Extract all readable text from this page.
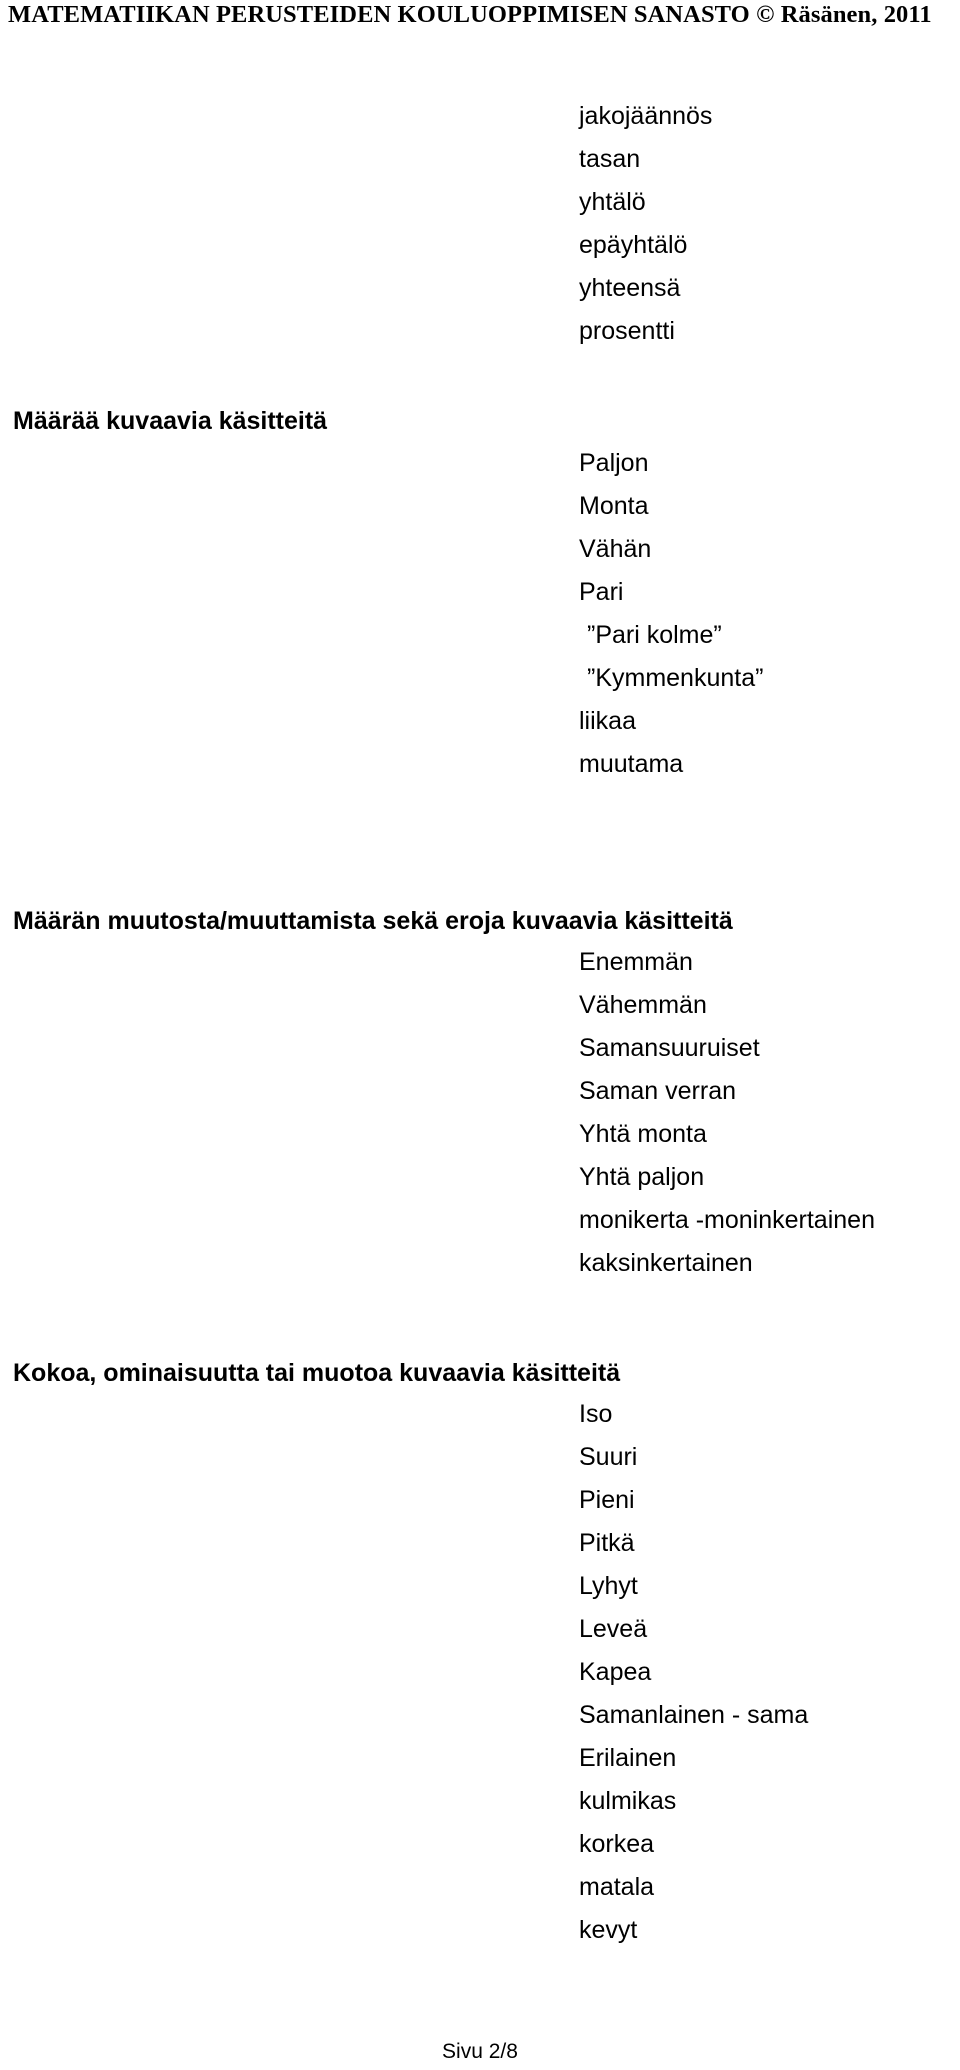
MATEMATIIKAN PERUSTEIDEN KOULUOPPIMISEN SANASTO © Räsänen, 2011
jakojäännös
tasan
yhtälö
epäyhtälö
yhteensä
prosentti
Määrää kuvaavia käsitteitä
Paljon
Monta
Vähän
Pari
”Pari kolme”
”Kymmenkunta”
liikaa
muutama
Määrän muutosta/muuttamista sekä eroja kuvaavia käsitteitä
Enemmän
Vähemmän
Samansuuruiset
Saman verran
Yhtä monta
Yhtä paljon
monikerta -moninkertainen
kaksinkertainen
Kokoa, ominaisuutta tai muotoa kuvaavia käsitteitä
Iso
Suuri
Pieni
Pitkä
Lyhyt
Leveä
Kapea
Samanlainen - sama
Erilainen
kulmikas
korkea
matala
kevyt
Sivu 2/8
